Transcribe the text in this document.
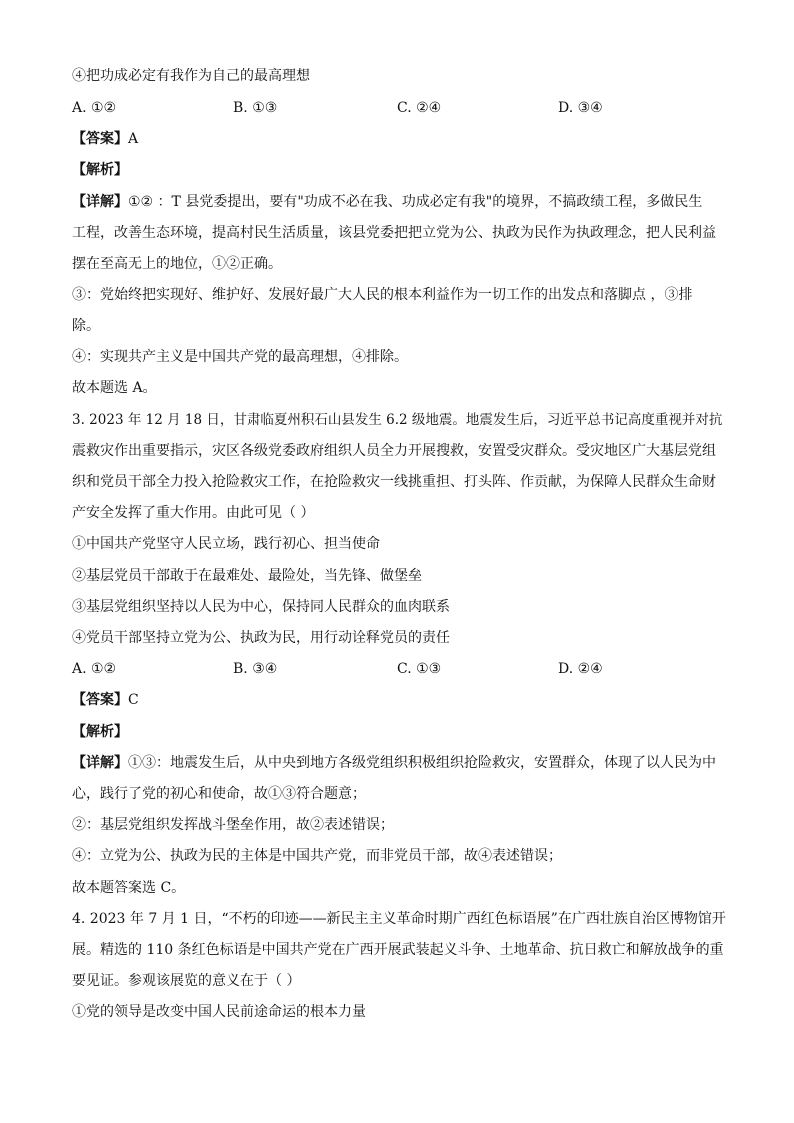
④把功成必定有我作为自己的最高理想
A. ①②	B. ①③	C. ②④	D. ③④
【答案】A
【解析】
【详解】①② ：T 县党委提出，要有"功成不必在我、功成必定有我"的境界，不搞政绩工程，多做民生
工程，改善生态环境，提高村民生活质量，该县党委把把立党为公、执政为民作为执政理念，把人民利益
摆在至高无上的地位，①②正确。
③：党始终把实现好、维护好、发展好最广大人民的根本利益作为一切工作的出发点和落脚点 ，③排
除。
④：实现共产主义是中国共产党的最高理想，④排除。
故本题选 A。
3. 2023 年 12 月 18 日，甘肃临夏州积石山县发生 6.2 级地震。地震发生后，习近平总书记高度重视并对抗
震救灾作出重要指示，灾区各级党委政府组织人员全力开展搜救，安置受灾群众。受灾地区广大基层党组
织和党员干部全力投入抢险救灾工作，在抢险救灾一线挑重担、打头阵、作贡献，为保障人民群众生命财
产安全发挥了重大作用。由此可见（ ）
①中国共产党坚守人民立场，践行初心、担当使命
②基层党员干部敢于在最难处、最险处，当先锋、做堡垒
③基层党组织坚持以人民为中心，保持同人民群众的血肉联系
④党员干部坚持立党为公、执政为民，用行动诠释党员的责任
A. ①②	B. ③④	C. ①③	D. ②④
【答案】C
【解析】
【详解】①③：地震发生后，从中央到地方各级党组织积极组织抢险救灾，安置群众，体现了以人民为中
心，践行了党的初心和使命，故①③符合题意；
②：基层党组织发挥战斗堡垒作用，故②表述错误；
④：立党为公、执政为民的主体是中国共产党，而非党员干部，故④表述错误；
故本题答案选 C。
4. 2023 年 7 月 1 日，“不朽的印迹——新民主主义革命时期广西红色标语展”在广西壮族自治区博物馆开
展。精选的 110 条红色标语是中国共产党在广西开展武装起义斗争、土地革命、抗日救亡和解放战争的重
要见证。参观该展览的意义在于（ ）
①党的领导是改变中国人民前途命运的根本力量
